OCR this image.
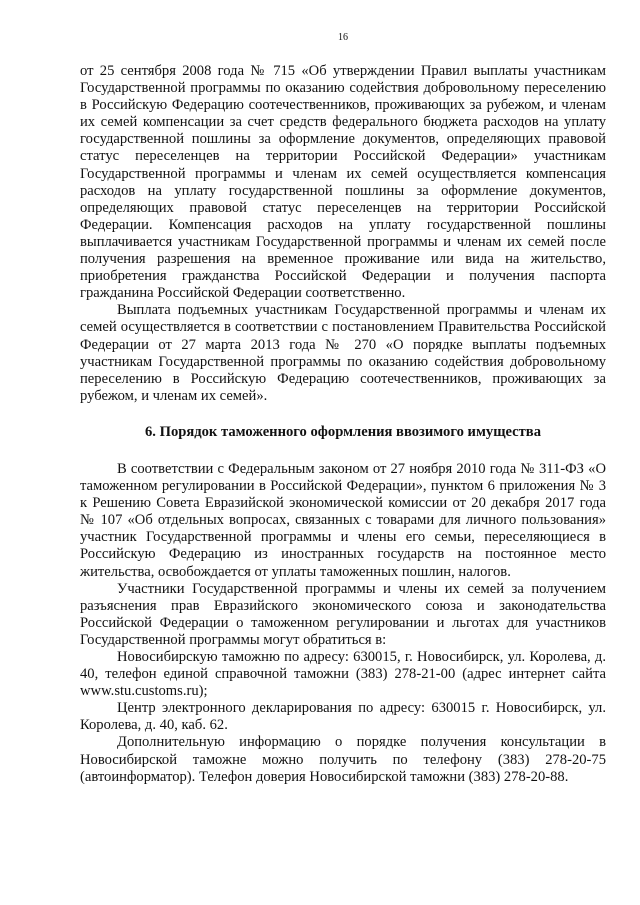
16

от 25 сентября 2008 года № 715 «Об утверждении Правил выплаты участникам Государственной программы по оказанию содействия добровольному переселению в Российскую Федерацию соотечественников, проживающих за рубежом, и членам их семей компенсации за счет средств федерального бюджета расходов на уплату государственной пошлины за оформление документов, определяющих правовой статус переселенцев на территории Российской Федерации» участникам Государственной программы и членам их семей осуществляется компенсация расходов на уплату государственной пошлины за оформление документов, определяющих правовой статус переселенцев на территории Российской Федерации. Компенсация расходов на уплату государственной пошлины выплачивается участникам Государственной программы и членам их семей после получения разрешения на временное проживание или вида на жительство, приобретения гражданства Российской Федерации и получения паспорта гражданина Российской Федерации соответственно.

Выплата подъемных участникам Государственной программы и членам их семей осуществляется в соответствии с постановлением Правительства Российской Федерации от 27 марта 2013 года № 270 «О порядке выплаты подъемных участникам Государственной программы по оказанию содействия добровольному переселению в Российскую Федерацию соотечественников, проживающих за рубежом, и членам их семей».

6. Порядок таможенного оформления ввозимого имущества

В соответствии с Федеральным законом от 27 ноября 2010 года № 311-ФЗ «О таможенном регулировании в Российской Федерации», пунктом 6 приложения № 3 к Решению Совета Евразийской экономической комиссии от 20 декабря 2017 года № 107 «Об отдельных вопросах, связанных с товарами для личного пользования» участник Государственной программы и члены его семьи, переселяющиеся в Российскую Федерацию из иностранных государств на постоянное место жительства, освобождается от уплаты таможенных пошлин, налогов.

Участники Государственной программы и члены их семей за получением разъяснения прав Евразийского экономического союза и законодательства Российской Федерации о таможенном регулировании и льготах для участников Государственной программы могут обратиться в:

Новосибирскую таможню по адресу: 630015, г. Новосибирск, ул. Королева, д. 40, телефон единой справочной таможни (383) 278-21-00 (адрес интернет сайта www.stu.customs.ru);

Центр электронного декларирования по адресу: 630015 г. Новосибирск, ул. Королева, д. 40, каб. 62.

Дополнительную информацию о порядке получения консультации в Новосибирской таможне можно получить по телефону (383) 278-20-75 (автоинформатор). Телефон доверия Новосибирской таможни (383) 278-20-88.
